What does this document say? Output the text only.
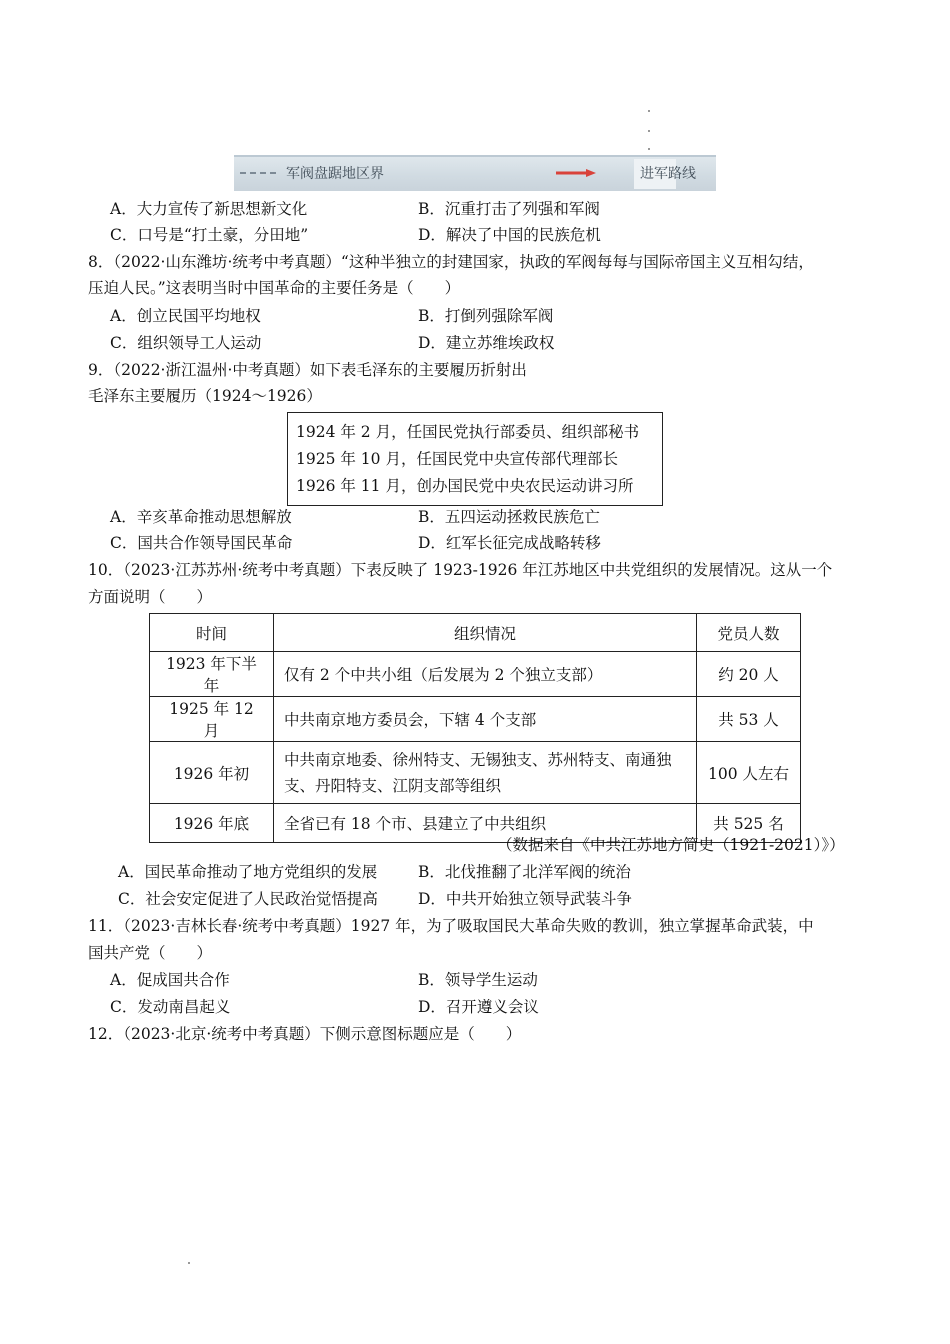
军阀盘踞地区界	进军路线
A．大力宣传了新思想新文化	B．沉重打击了列强和军阀
C．口号是“打土豪，分田地”	D．解决了中国的民族危机
8．（2022·山东潍坊·统考中考真题）“这种半独立的封建国家，执政的军阀每每与国际帝国主义互相勾结，
压迫人民。”这表明当时中国革命的主要任务是（　　）
A．创立民国平均地权	B．打倒列强除军阀
C．组织领导工人运动	D．建立苏维埃政权
9．（2022·浙江温州·中考真题）如下表毛泽东的主要履历折射出
毛泽东主要履历（1924～1926）
1924 年 2 月，任国民党执行部委员、组织部秘书
1925 年 10 月，任国民党中央宣传部代理部长
1926 年 11 月，创办国民党中央农民运动讲习所
A．辛亥革命推动思想解放	B．五四运动拯救民族危亡
C．国共合作领导国民革命	D．红军长征完成战略转移
10．（2023·江苏苏州·统考中考真题）下表反映了 1923-1926 年江苏地区中共党组织的发展情况。这从一个
方面说明（　　）
时间	组织情况	党员人数
1923 年下半年	仅有 2 个中共小组（后发展为 2 个独立支部）	约 20 人
1925 年 12 月	中共南京地方委员会，下辖 4 个支部	共 53 人
1926 年初	中共南京地委、徐州特支、无锡独支、苏州特支、南通独支、丹阳特支、江阴支部等组织	100 人左右
1926 年底	全省已有 18 个市、县建立了中共组织	共 525 名
（数据来自《中共江苏地方简史（1921-2021）》）
A．国民革命推动了地方党组织的发展	B．北伐推翻了北洋军阀的统治
C．社会安定促进了人民政治觉悟提高	D．中共开始独立领导武装斗争
11．（2023·吉林长春·统考中考真题）1927 年，为了吸取国民大革命失败的教训，独立掌握革命武装，中
国共产党（　　）
A．促成国共合作	B．领导学生运动
C．发动南昌起义	D．召开遵义会议
12．（2023·北京·统考中考真题）下侧示意图标题应是（　　）
